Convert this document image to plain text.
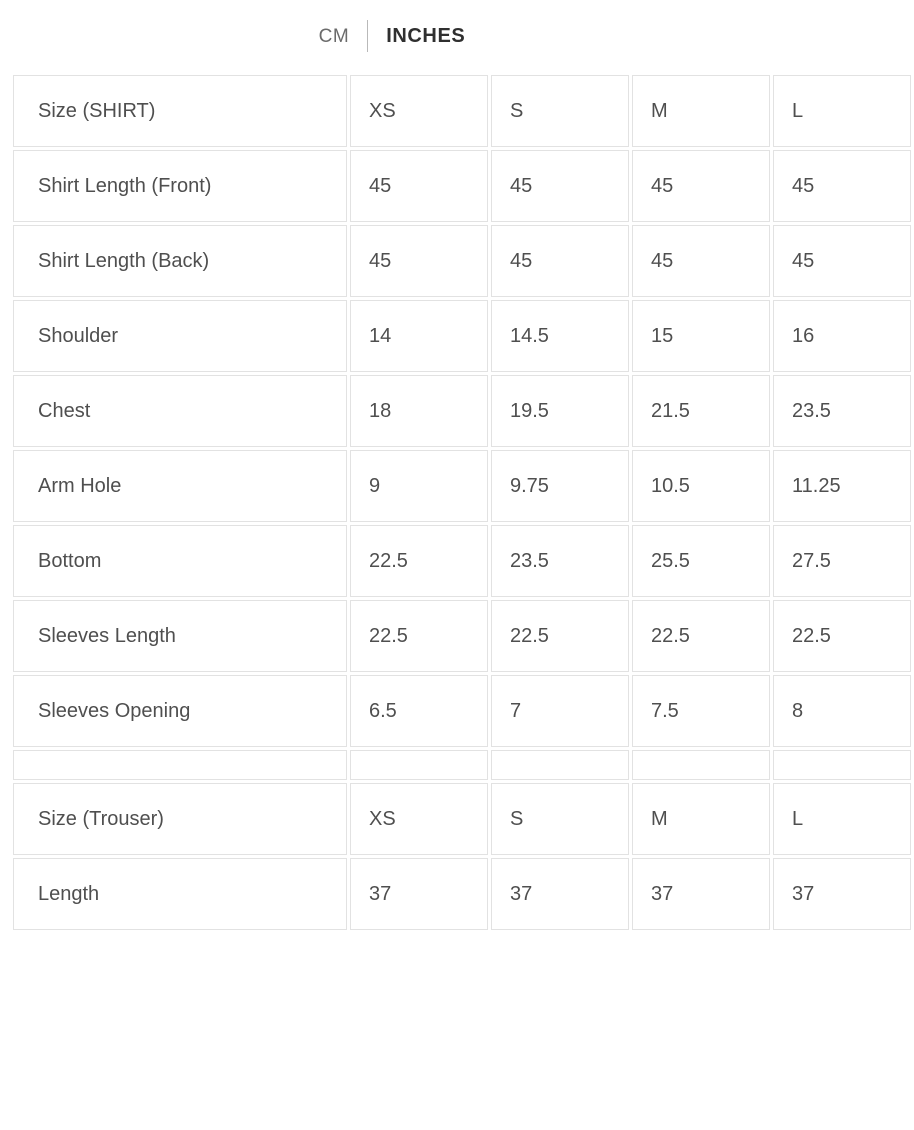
CM	INCHES
Size (SHIRT)	XS	S	M	L
Shirt Length (Front)	45	45	45	45
Shirt Length (Back)	45	45	45	45
Shoulder	14	14.5	15	16
Chest	18	19.5	21.5	23.5
Arm Hole	9	9.75	10.5	11.25
Bottom	22.5	23.5	25.5	27.5
Sleeves Length	22.5	22.5	22.5	22.5
Sleeves Opening	6.5	7	7.5	8

Size (Trouser)	XS	S	M	L
Length	37	37	37	37
